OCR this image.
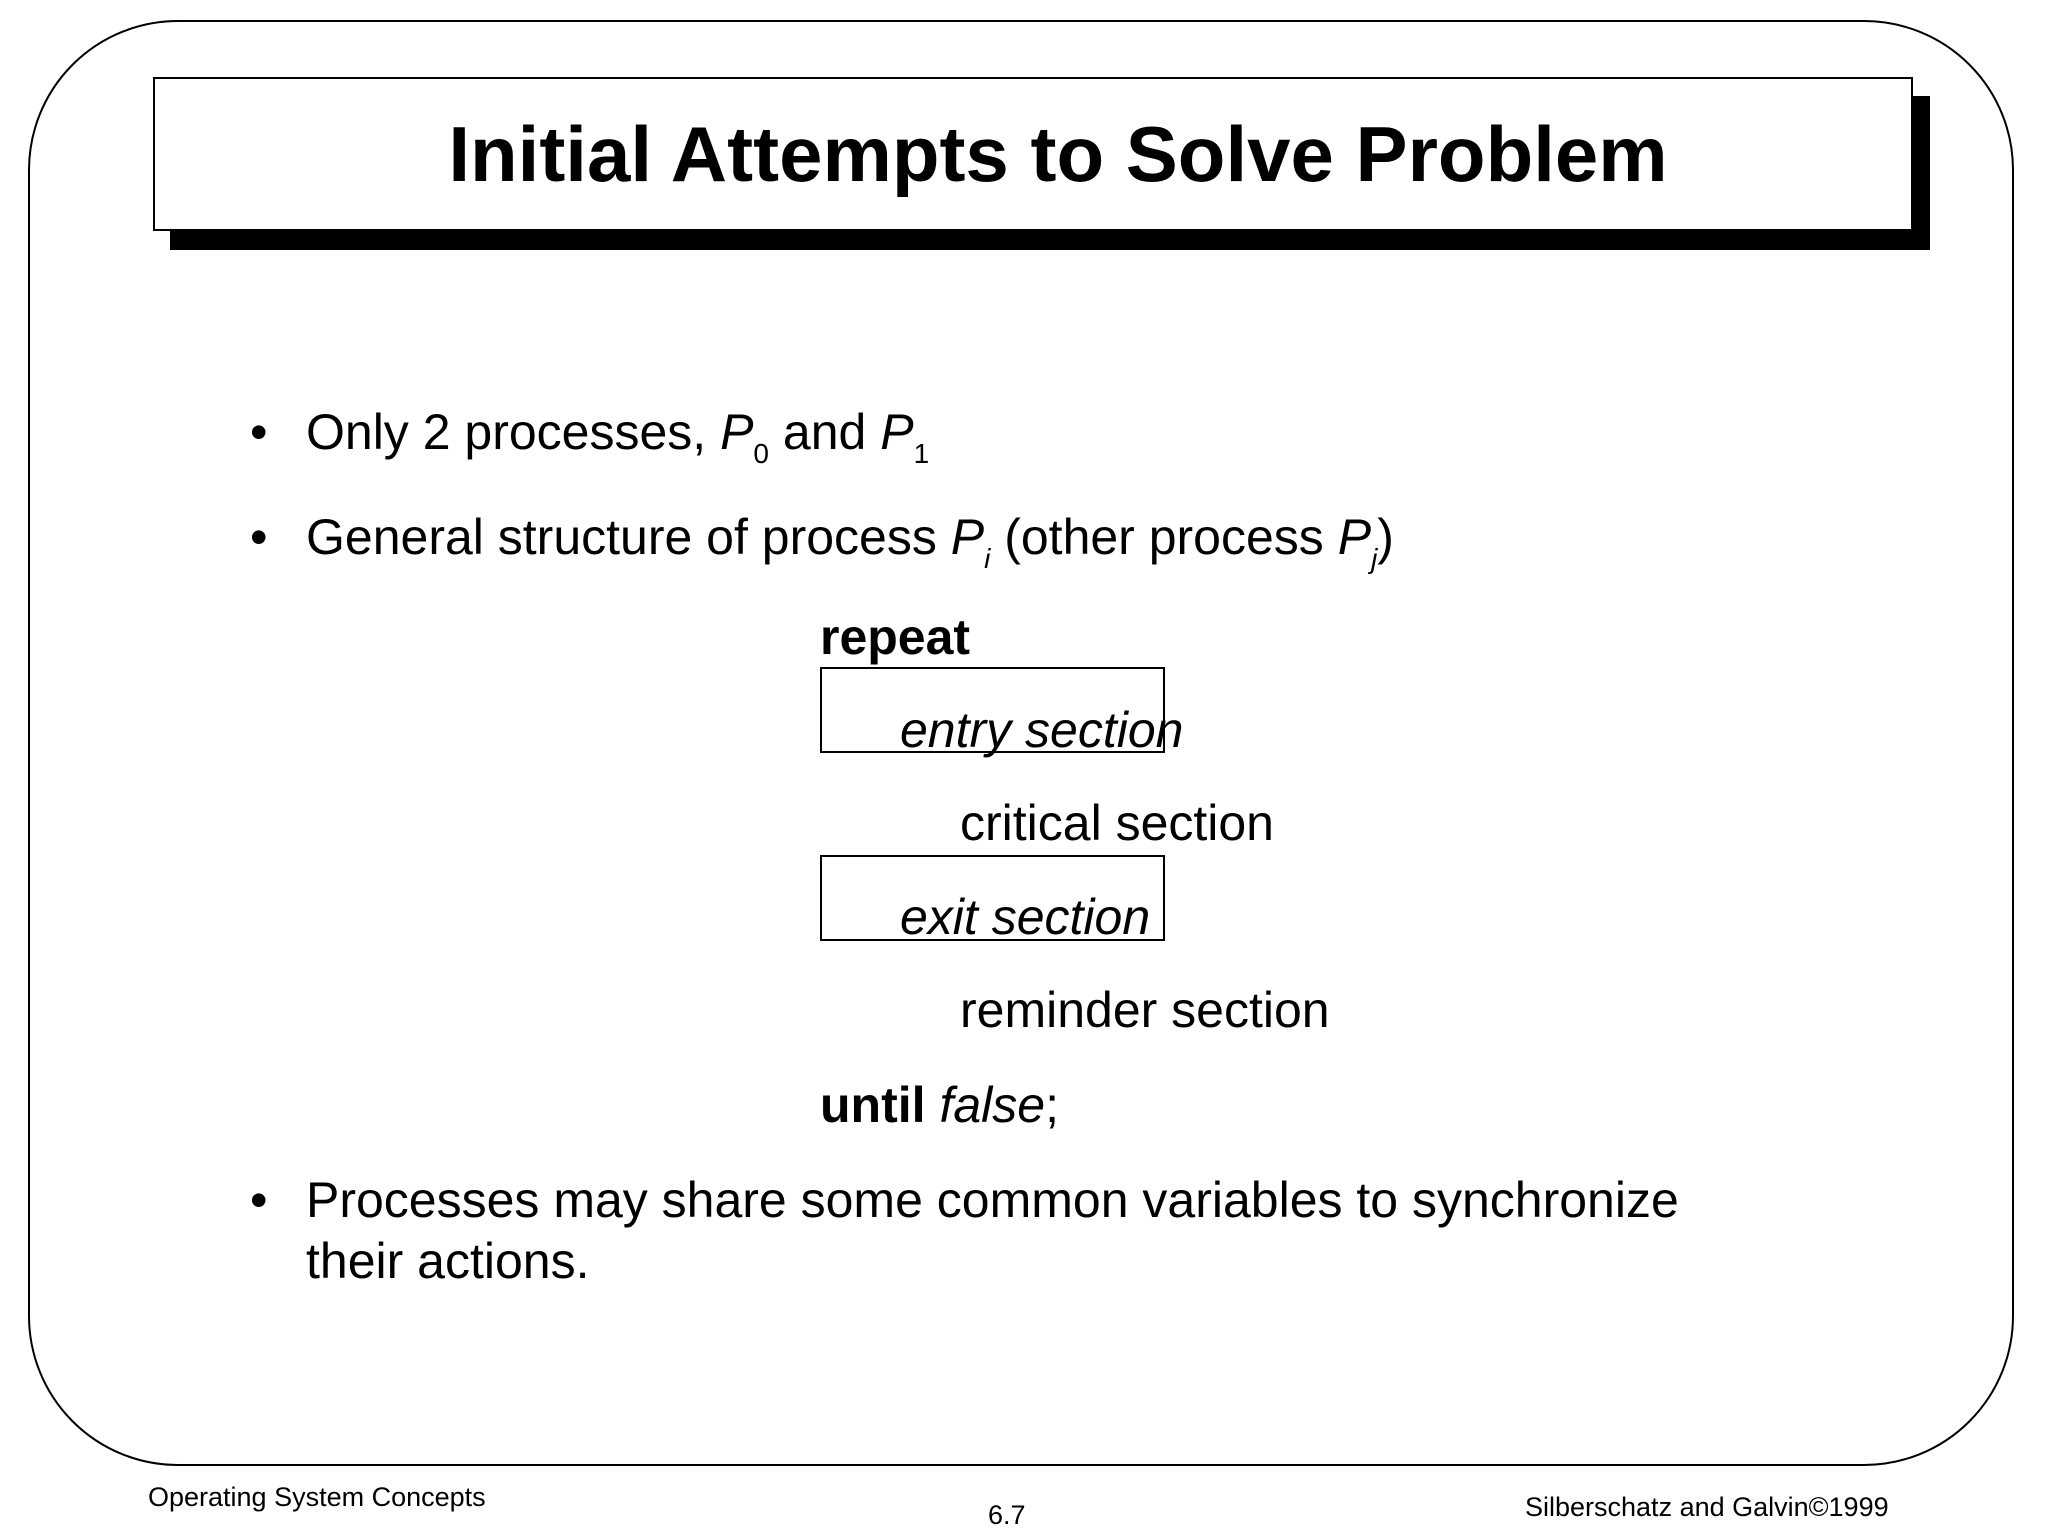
Initial Attempts to Solve Problem
• Only 2 processes, $P_0$ and $P_1$
• General structure of process $P_i$ (other process $P_j$)
repeat
entry section
critical section
exit section
reminder section
until false;
• Processes may share some common variables to synchronize
their actions.
Operating System Concepts
6.7	Silberschatz and Galvin©1999
